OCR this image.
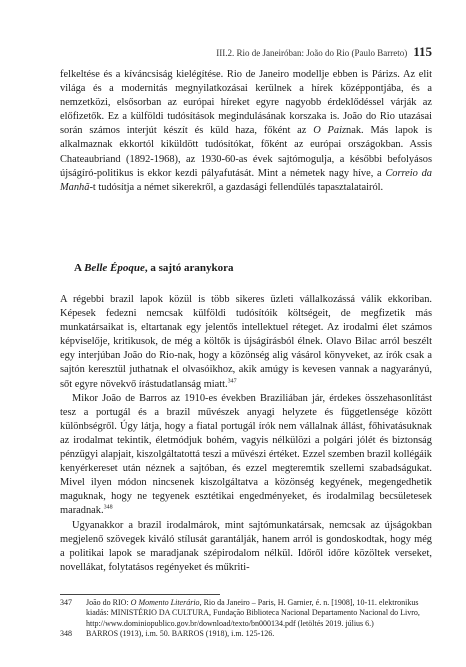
III.2. Rio de Janeiróban: João do Rio (Paulo Barreto) 115

felkeltése és a kíváncsiság kielégítése. Rio de Janeiro modellje ebben is Párizs. Az elit világa és a modernitás megnyilatkozásai kerülnek a hírek középpontjába, és a nemzetközi, elsősorban az európai híreket egyre nagyobb érdeklődéssel várják az előfizetők. Ez a külföldi tudósítások megindulásának korszaka is. João do Rio utazásai során számos interjút készít és küld haza, főként az O Paiznak. Más lapok is alkalmaznak ekkortól kiküldött tudósítókat, főként az európai országokban. Assis Chateaubriand (1892-1968), az 1930-60-as évek sajtómogulja, a későbbi befolyásos újságíró-politikus is ekkor kezdi pályafutását. Mint a németek nagy híve, a Correio da Manhã-t tudósítja a német sikerekről, a gazdasági fellendülés tapasztalatairól.

A Belle Époque, a sajtó aranykora

A régebbi brazil lapok közül is több sikeres üzleti vállalkozássá válik ekkoriban. Képesek fedezni nemcsak külföldi tudósítóik költségeit, de megfizetik más munkatársaikat is, eltartanak egy jelentős intellektuel réteget. Az irodalmi élet számos képviselője, kritikusok, de még a költők is újságírásból élnek. Olavo Bilac arról beszélt egy interjúban João do Rio-nak, hogy a közönség alig vásárol könyveket, az írók csak a sajtón keresztül juthatnak el olvasóikhoz, akik amúgy is kevesen vannak a nagyarányú, sőt egyre növekvő írástudatlanság miatt.$^{347}$

Mikor João de Barros az 1910-es években Braziliában jár, érdekes összehasonlítást tesz a portugál és a brazil művészek anyagi helyzete és függetlensége között különbségről. Úgy látja, hogy a fiatal portugál írók nem vállalnak állást, főhivatásuknak az irodalmat tekintik, életmódjuk bohém, vagyis nélkülözi a polgári jólét és biztonság pénzügyi alapjait, kiszolgáltatottá teszi a művészi értéket. Ezzel szemben brazil kollégáik kenyérkereset után néznek a sajtóban, és ezzel megteremtik szellemi szabadságukat. Mivel ilyen módon nincsenek kiszolgáltatva a közönség kegyének, megengedhetik maguknak, hogy ne tegyenek esztétikai engedményeket, és irodalmilag becsületesek maradnak.$^{348}$

Ugyanakkor a brazil irodalmárok, mint sajtómunkatársak, nemcsak az újságokban megjelenő szövegek kiváló stílusát garantálják, hanem arról is gondoskodtak, hogy még a politikai lapok se maradjanak szépirodalom nélkül. Időről időre közöltek verseket, novellákat, folytatásos regényeket és műkriti-

347 João do RIO: O Momento Literário, Rio da Janeiro – Paris, H. Garnier, é. n. [1908], 10-11. elektronikus kiadás: MINISTÉRIO DA CULTURA, Fundação Biblioteca Nacional Departamento Nacional do Livro, http://www.dominiopublico.gov.br/download/texto/bn000134.pdf (letöltés 2019. július 6.)
348 BARROS (1913), i.m. 50. BARROS (1918), i.m. 125-126.
